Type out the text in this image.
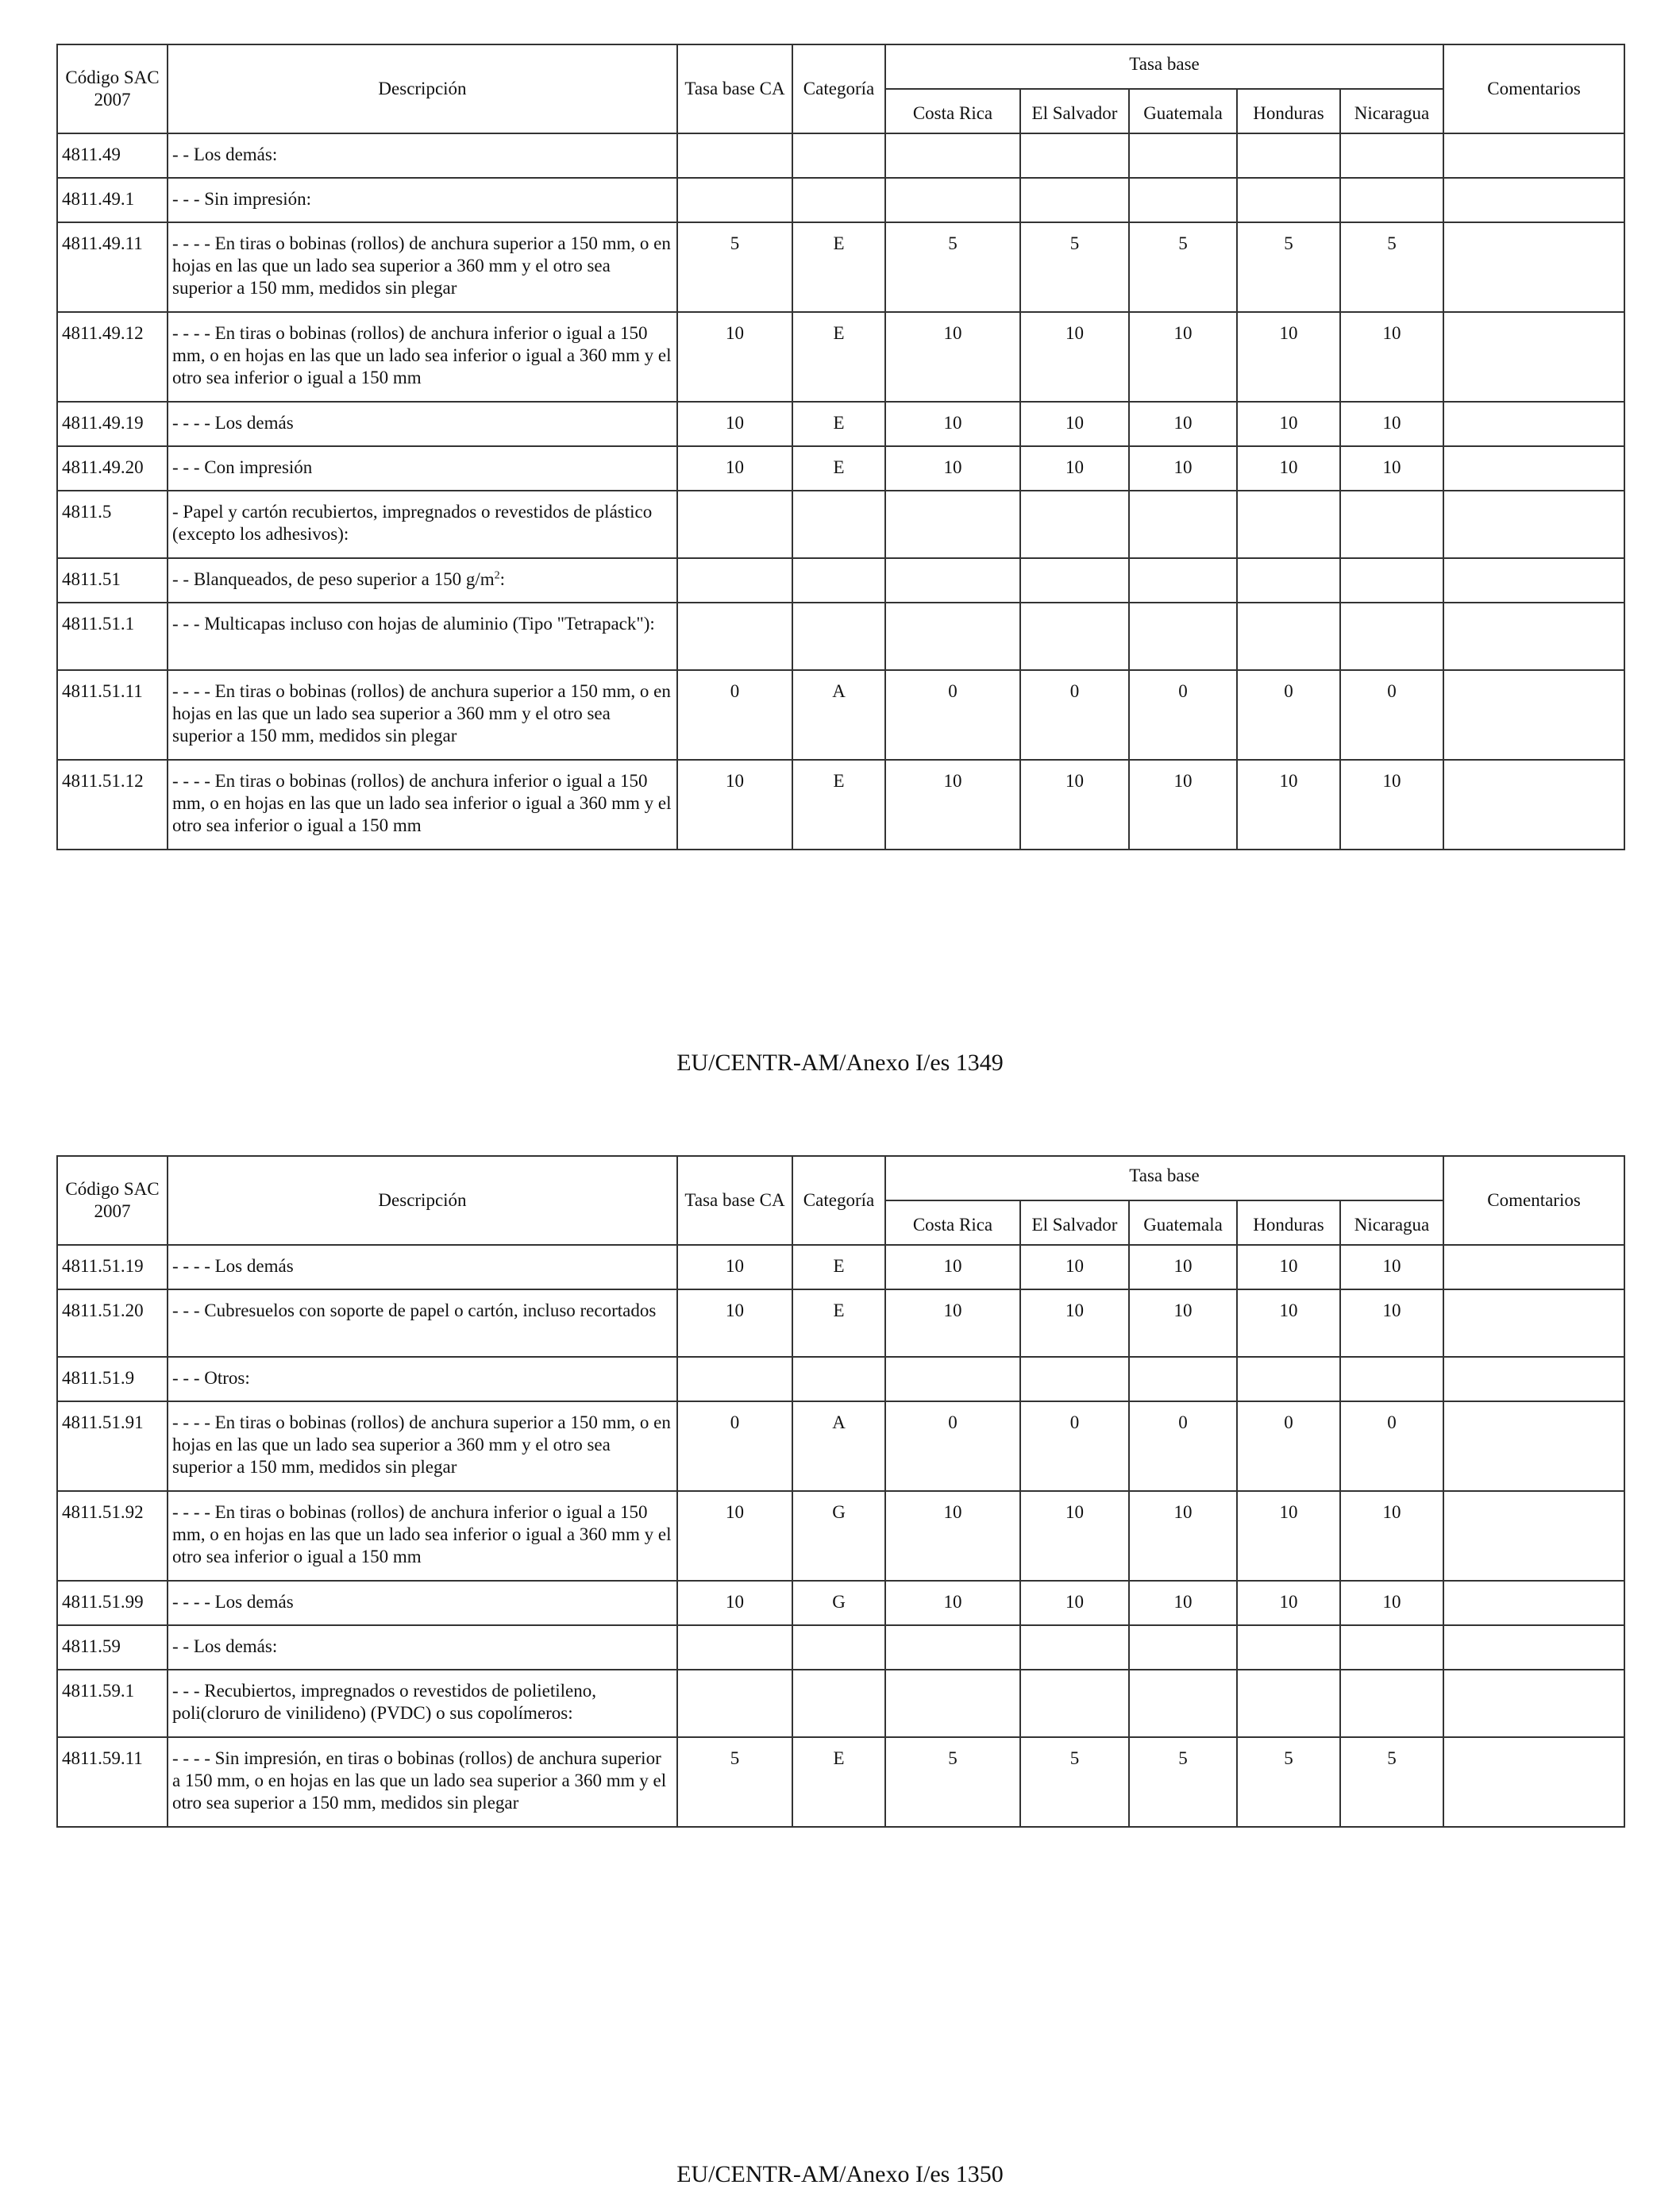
Código SAC 2007	Descripción	Tasa base CA	Categoría	Tasa base					Comentarios
				Costa Rica	El Salvador	Guatemala	Honduras	Nicaragua	
4811.49	- - Los demás:								
4811.49.1	- - - Sin impresión:								
4811.49.11	- - - - En tiras o bobinas (rollos) de anchura superior a 150 mm, o en hojas en las que un lado sea superior a 360 mm y el otro sea superior a 150 mm, medidos sin plegar	5	E	5	5	5	5	5	
4811.49.12	- - - - En tiras o bobinas (rollos) de anchura inferior o igual a 150 mm, o en hojas en las que un lado sea inferior o igual a 360 mm y el otro sea inferior o igual a 150 mm	10	E	10	10	10	10	10	
4811.49.19	- - - - Los demás	10	E	10	10	10	10	10	
4811.49.20	- - - Con impresión	10	E	10	10	10	10	10	
4811.5	- Papel y cartón recubiertos, impregnados o revestidos de plástico (excepto los adhesivos):								
4811.51	- - Blanqueados, de peso superior a 150 $g/m^2$:								
4811.51.1	- - - Multicapas incluso con hojas de aluminio (Tipo "Tetrapack"):								
4811.51.11	- - - - En tiras o bobinas (rollos) de anchura superior a 150 mm, o en hojas en las que un lado sea superior a 360 mm y el otro sea superior a 150 mm, medidos sin plegar	0	A	0	0	0	0	0	
4811.51.12	- - - - En tiras o bobinas (rollos) de anchura inferior o igual a 150 mm, o en hojas en las que un lado sea inferior o igual a 360 mm y el otro sea inferior o igual a 150 mm	10	E	10	10	10	10	10	
EU/CENTR-AM/Anexo I/es 1349
Código SAC 2007	Descripción	Tasa base CA	Categoría	Tasa base					Comentarios
				Costa Rica	El Salvador	Guatemala	Honduras	Nicaragua	
4811.51.19	- - - - Los demás	10	E	10	10	10	10	10	
4811.51.20	- - - Cubresuelos con soporte de papel o cartón, incluso recortados	10	E	10	10	10	10	10	
4811.51.9	- - - Otros:								
4811.51.91	- - - - En tiras o bobinas (rollos) de anchura superior a 150 mm, o en hojas en las que un lado sea superior a 360 mm y el otro sea superior a 150 mm, medidos sin plegar	0	A	0	0	0	0	0	
4811.51.92	- - - - En tiras o bobinas (rollos) de anchura inferior o igual a 150 mm, o en hojas en las que un lado sea inferior o igual a 360 mm y el otro sea inferior o igual a 150 mm	10	G	10	10	10	10	10	
4811.51.99	- - - - Los demás	10	G	10	10	10	10	10	
4811.59	- - Los demás:								
4811.59.1	- - - Recubiertos, impregnados o revestidos de polietileno, poli(cloruro de vinilideno) (PVDC) o sus copolímeros:								
4811.59.11	- - - - Sin impresión, en tiras o bobinas (rollos) de anchura superior a 150 mm, o en hojas en las que un lado sea superior a 360 mm y el otro sea superior a 150 mm, medidos sin plegar	5	E	5	5	5	5	5	
EU/CENTR-AM/Anexo I/es 1350
